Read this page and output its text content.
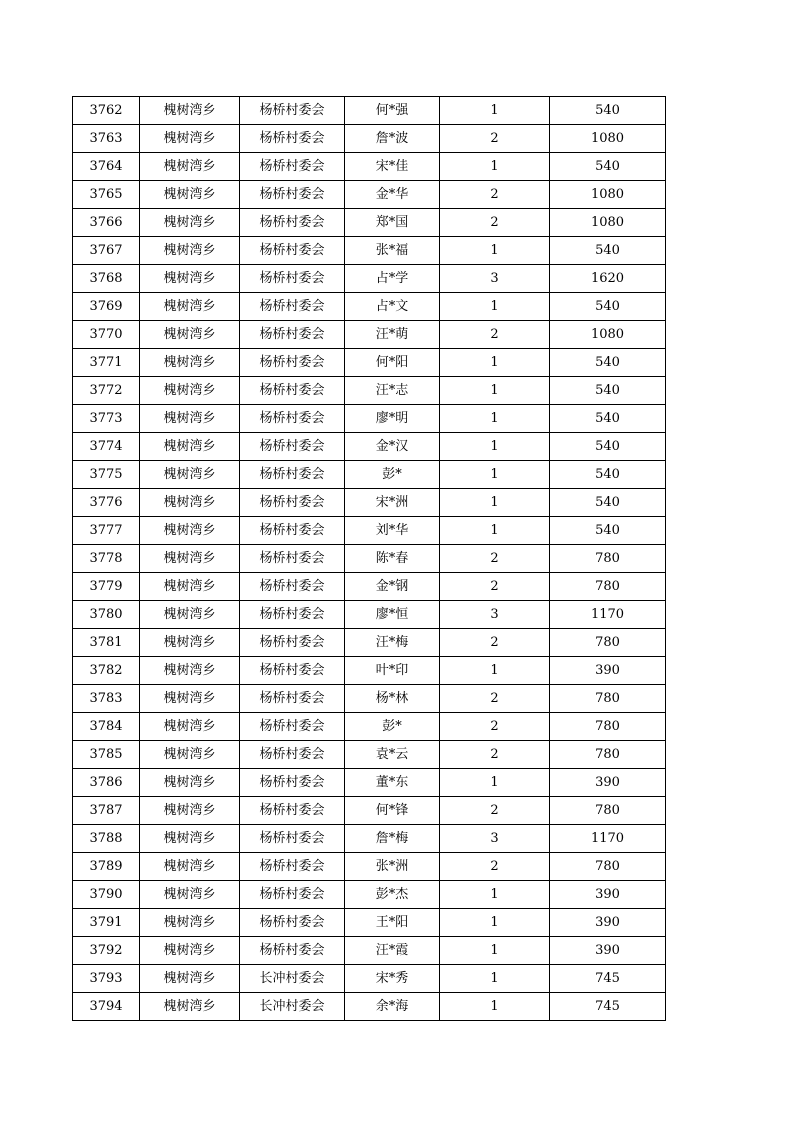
3762	槐树湾乡	杨桥村委会	何*强	1	540
3763	槐树湾乡	杨桥村委会	詹*波	2	1080
3764	槐树湾乡	杨桥村委会	宋*佳	1	540
3765	槐树湾乡	杨桥村委会	金*华	2	1080
3766	槐树湾乡	杨桥村委会	郑*国	2	1080
3767	槐树湾乡	杨桥村委会	张*福	1	540
3768	槐树湾乡	杨桥村委会	占*学	3	1620
3769	槐树湾乡	杨桥村委会	占*文	1	540
3770	槐树湾乡	杨桥村委会	汪*萌	2	1080
3771	槐树湾乡	杨桥村委会	何*阳	1	540
3772	槐树湾乡	杨桥村委会	汪*志	1	540
3773	槐树湾乡	杨桥村委会	廖*明	1	540
3774	槐树湾乡	杨桥村委会	金*汉	1	540
3775	槐树湾乡	杨桥村委会	彭*	1	540
3776	槐树湾乡	杨桥村委会	宋*洲	1	540
3777	槐树湾乡	杨桥村委会	刘*华	1	540
3778	槐树湾乡	杨桥村委会	陈*春	2	780
3779	槐树湾乡	杨桥村委会	金*钢	2	780
3780	槐树湾乡	杨桥村委会	廖*恒	3	1170
3781	槐树湾乡	杨桥村委会	汪*梅	2	780
3782	槐树湾乡	杨桥村委会	叶*印	1	390
3783	槐树湾乡	杨桥村委会	杨*林	2	780
3784	槐树湾乡	杨桥村委会	彭*	2	780
3785	槐树湾乡	杨桥村委会	袁*云	2	780
3786	槐树湾乡	杨桥村委会	董*东	1	390
3787	槐树湾乡	杨桥村委会	何*锋	2	780
3788	槐树湾乡	杨桥村委会	詹*梅	3	1170
3789	槐树湾乡	杨桥村委会	张*洲	2	780
3790	槐树湾乡	杨桥村委会	彭*杰	1	390
3791	槐树湾乡	杨桥村委会	王*阳	1	390
3792	槐树湾乡	杨桥村委会	汪*霞	1	390
3793	槐树湾乡	长冲村委会	宋*秀	1	745
3794	槐树湾乡	长冲村委会	余*海	1	745
